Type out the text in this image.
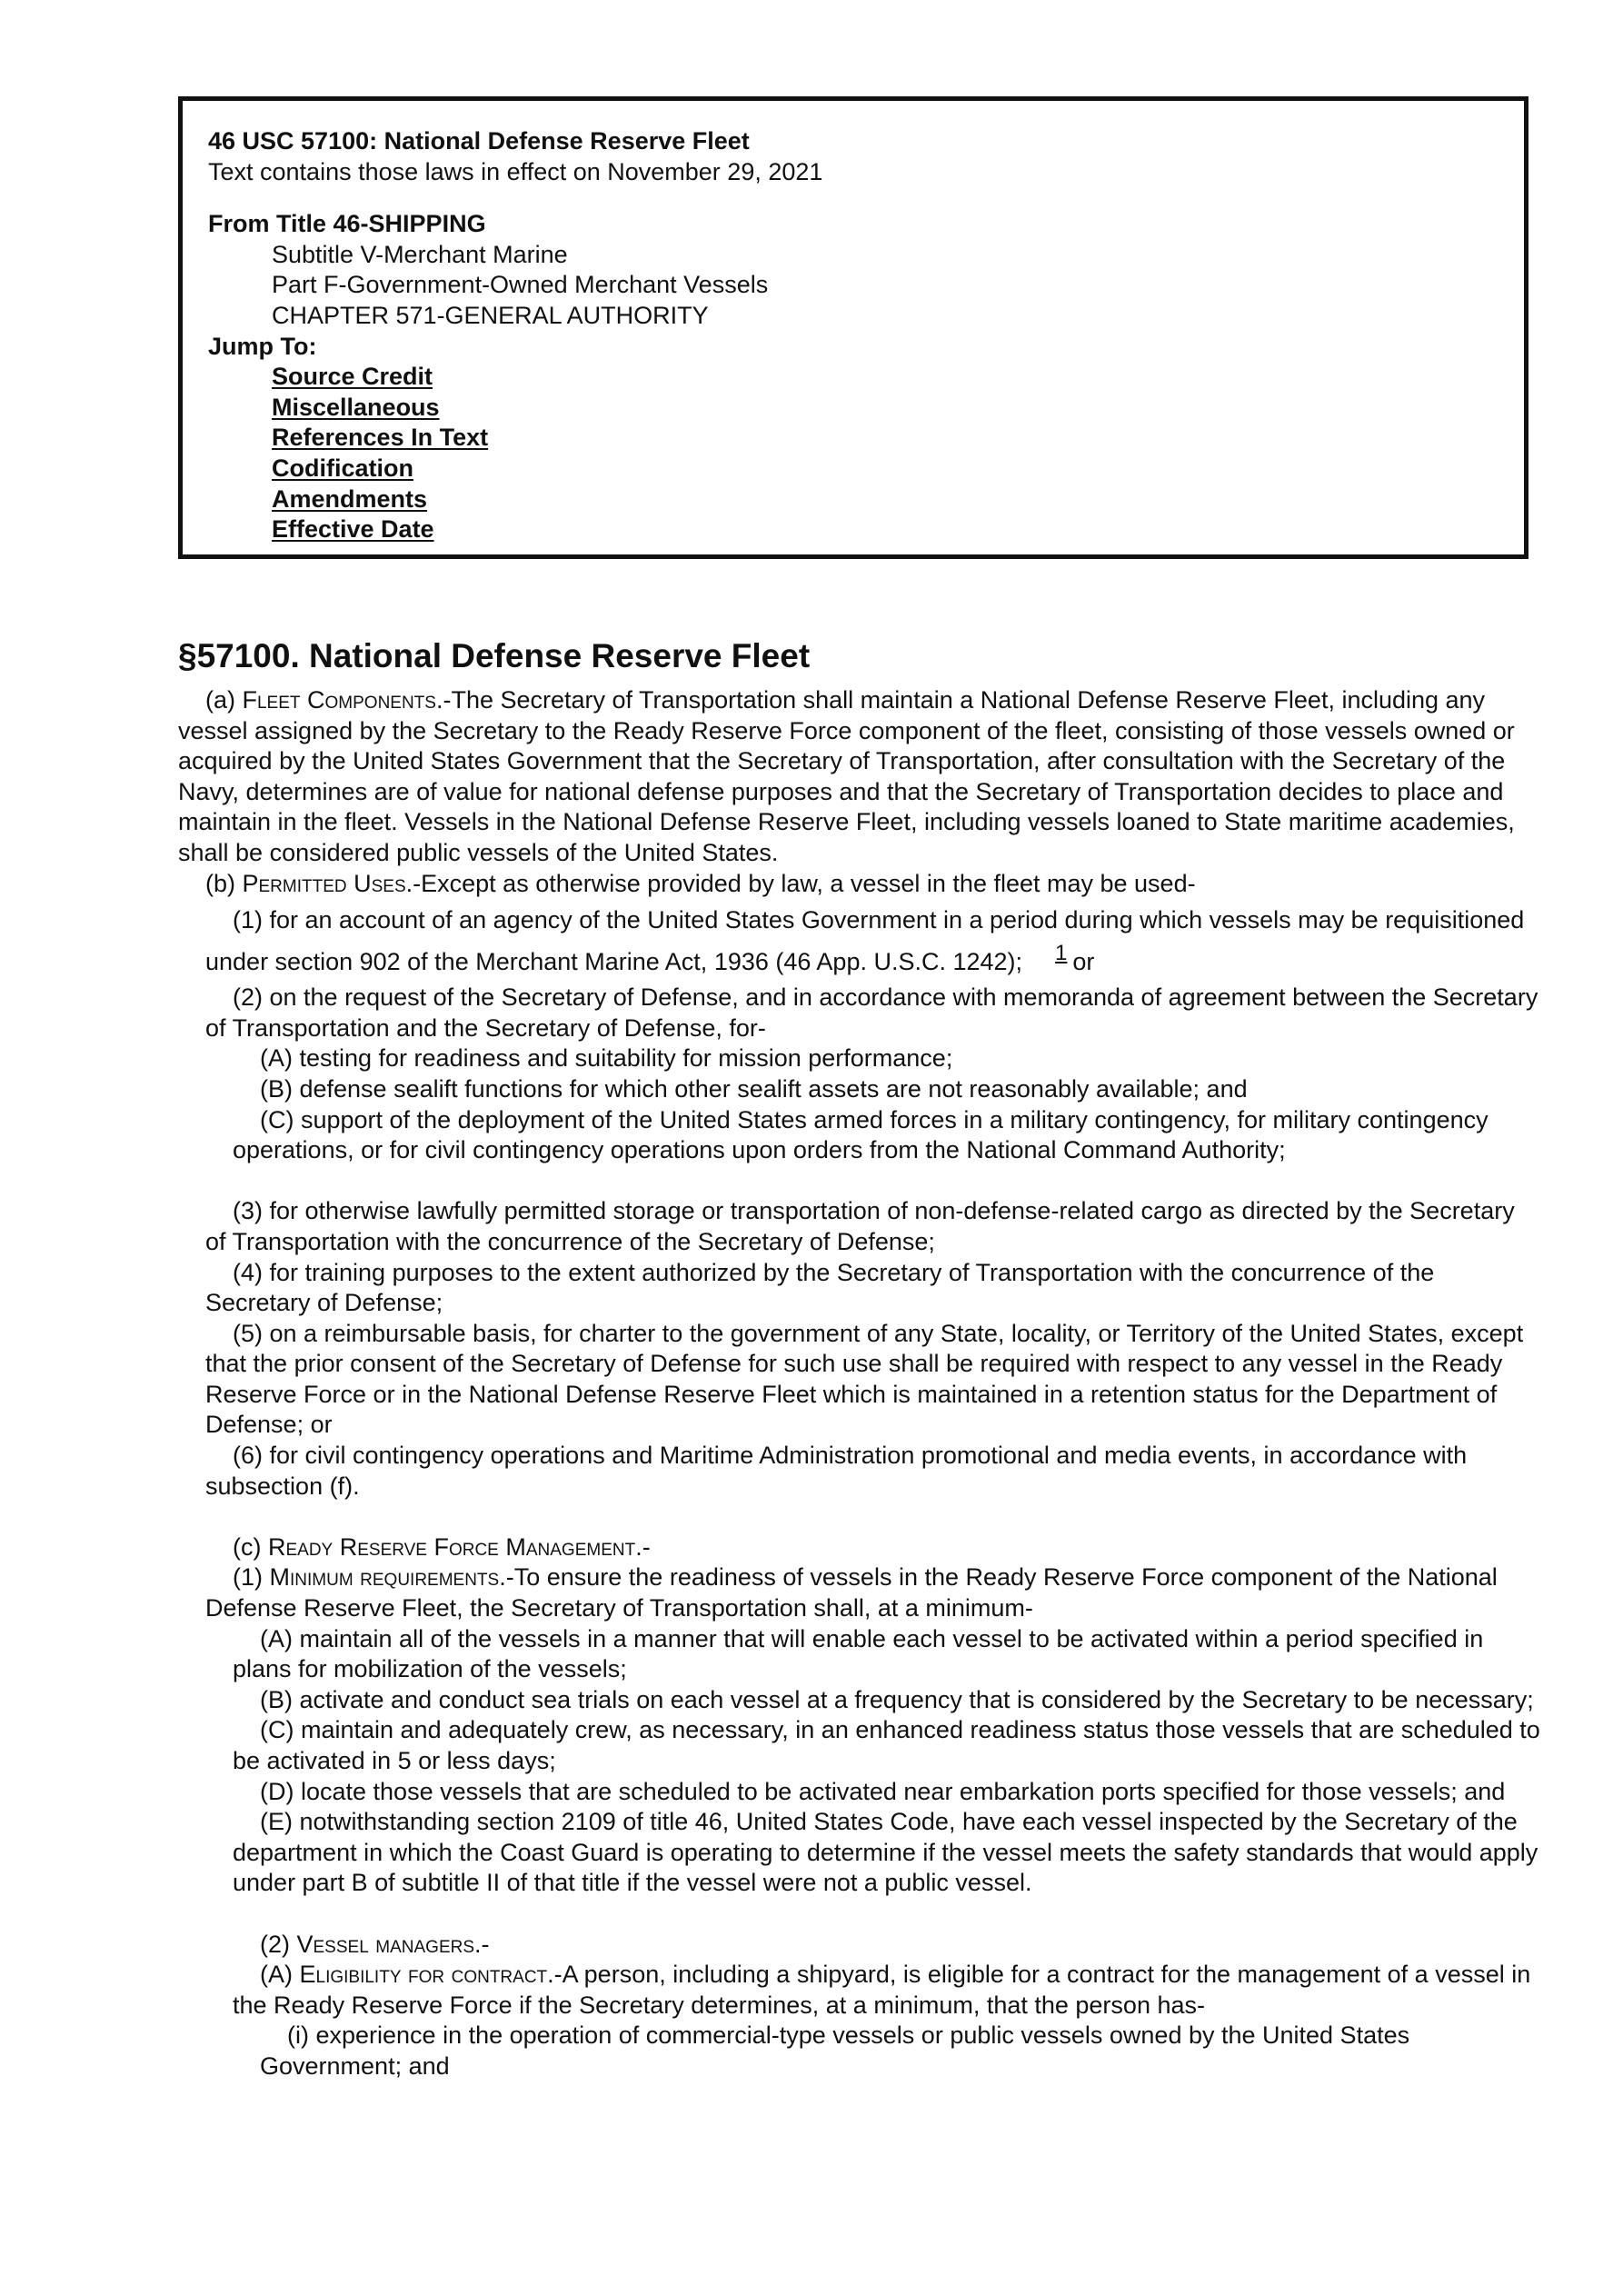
46 USC 57100: National Defense Reserve Fleet
Text contains those laws in effect on November 29, 2021
From Title 46-SHIPPING
Subtitle V-Merchant Marine
Part F-Government-Owned Merchant Vessels
CHAPTER 571-GENERAL AUTHORITY
Jump To:
Source Credit
Miscellaneous
References In Text
Codification
Amendments
Effective Date
§57100. National Defense Reserve Fleet

(a) Fleet Components.-The Secretary of Transportation shall maintain a National Defense Reserve Fleet, including any vessel assigned by the Secretary to the Ready Reserve Force component of the fleet, consisting of those vessels owned or acquired by the United States Government that the Secretary of Transportation, after consultation with the Secretary of the Navy, determines are of value for national defense purposes and that the Secretary of Transportation decides to place and maintain in the fleet. Vessels in the National Defense Reserve Fleet, including vessels loaned to State maritime academies, shall be considered public vessels of the United States.

(b) Permitted Uses.-Except as otherwise provided by law, a vessel in the fleet may be used-

(1) for an account of an agency of the United States Government in a period during which vessels may be requisitioned under section 902 of the Merchant Marine Act, 1936 (46 App. U.S.C. 1242); 1 or

(2) on the request of the Secretary of Defense, and in accordance with memoranda of agreement between the Secretary of Transportation and the Secretary of Defense, for-

(A) testing for readiness and suitability for mission performance;

(B) defense sealift functions for which other sealift assets are not reasonably available; and

(C) support of the deployment of the United States armed forces in a military contingency, for military contingency operations, or for civil contingency operations upon orders from the National Command Authority;

(3) for otherwise lawfully permitted storage or transportation of non-defense-related cargo as directed by the Secretary of Transportation with the concurrence of the Secretary of Defense;

(4) for training purposes to the extent authorized by the Secretary of Transportation with the concurrence of the Secretary of Defense;

(5) on a reimbursable basis, for charter to the government of any State, locality, or Territory of the United States, except that the prior consent of the Secretary of Defense for such use shall be required with respect to any vessel in the Ready Reserve Force or in the National Defense Reserve Fleet which is maintained in a retention status for the Department of Defense; or

(6) for civil contingency operations and Maritime Administration promotional and media events, in accordance with subsection (f).

(c) Ready Reserve Force Management.-

(1) Minimum requirements.-To ensure the readiness of vessels in the Ready Reserve Force component of the National Defense Reserve Fleet, the Secretary of Transportation shall, at a minimum-

(A) maintain all of the vessels in a manner that will enable each vessel to be activated within a period specified in plans for mobilization of the vessels;

(B) activate and conduct sea trials on each vessel at a frequency that is considered by the Secretary to be necessary;

(C) maintain and adequately crew, as necessary, in an enhanced readiness status those vessels that are scheduled to be activated in 5 or less days;

(D) locate those vessels that are scheduled to be activated near embarkation ports specified for those vessels; and

(E) notwithstanding section 2109 of title 46, United States Code, have each vessel inspected by the Secretary of the department in which the Coast Guard is operating to determine if the vessel meets the safety standards that would apply under part B of subtitle II of that title if the vessel were not a public vessel.

(2) Vessel managers.-

(A) Eligibility for contract.-A person, including a shipyard, is eligible for a contract for the management of a vessel in the Ready Reserve Force if the Secretary determines, at a minimum, that the person has-

(i) experience in the operation of commercial-type vessels or public vessels owned by the United States Government; and
